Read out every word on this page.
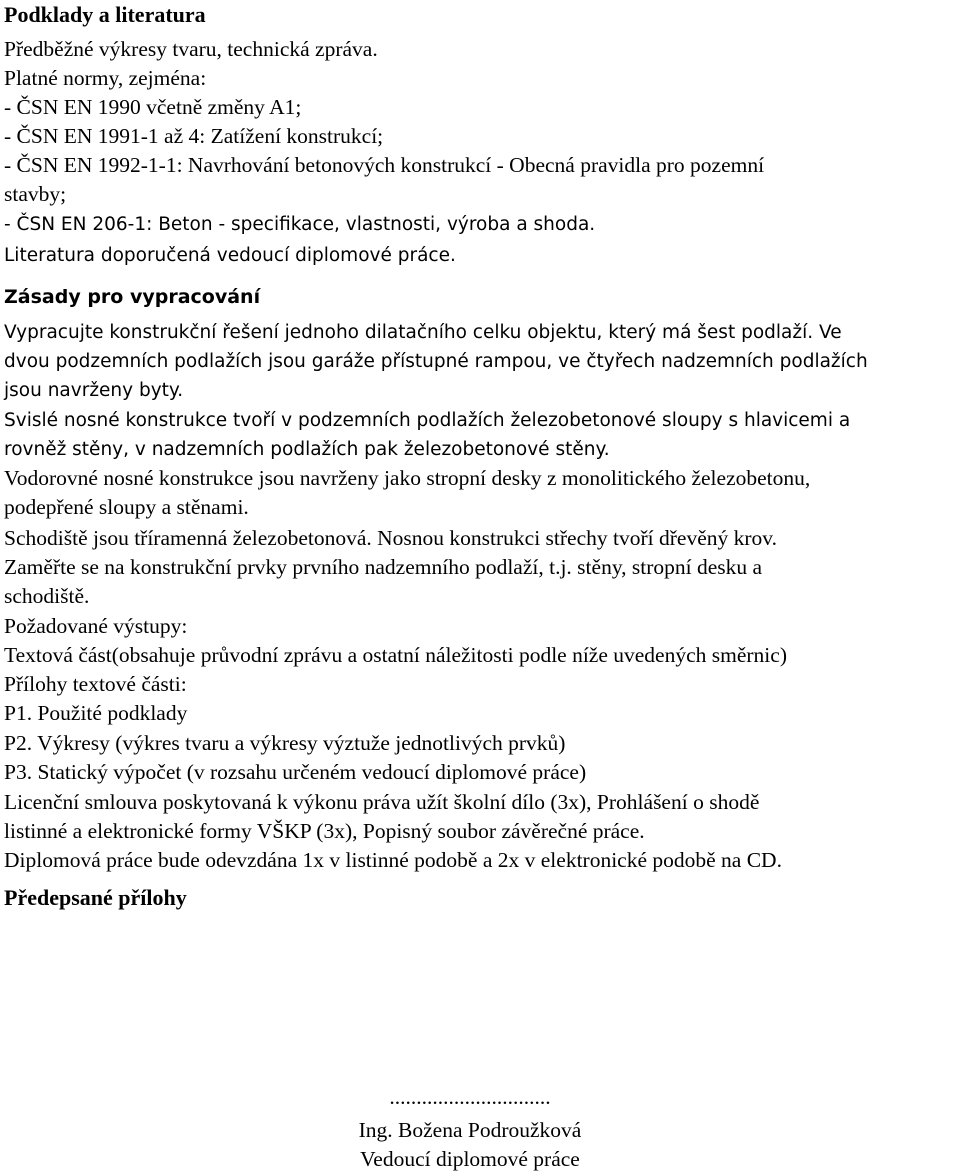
Podklady a literatura
Předběžné výkresy tvaru, technická zpráva.
Platné normy, zejména:
- ČSN EN 1990 včetně změny A1;
- ČSN EN 1991-1 až 4: Zatížení konstrukcí;
- ČSN EN 1992-1-1: Navrhování betonových konstrukcí - Obecná pravidla pro pozemní
stavby;
- ČSN EN 206-1: Beton - specifikace, vlastnosti, výroba a shoda.
Literatura doporučená vedoucí diplomové práce.
Zásady pro vypracování
Vypracujte konstrukční řešení jednoho dilatačního celku objektu, který má šest podlaží. Ve
dvou podzemních podlažích jsou garáže přístupné rampou, ve čtyřech nadzemních podlažích
jsou navrženy byty.
Svislé nosné konstrukce tvoří v podzemních podlažích železobetonové sloupy s hlavicemi a
rovněž stěny, v nadzemních podlažích pak železobetonové stěny.
Vodorovné nosné konstrukce jsou navrženy jako stropní desky z monolitického železobetonu,
podepřené sloupy a stěnami.
Schodiště jsou tříramenná železobetonová. Nosnou konstrukci střechy tvoří dřevěný krov.
Zaměřte se na konstrukční prvky prvního nadzemního podlaží, t.j. stěny, stropní desku a
schodiště.
Požadované výstupy:
Textová část(obsahuje průvodní zprávu a ostatní náležitosti podle níže uvedených směrnic)
Přílohy textové části:
P1. Použité podklady
P2. Výkresy (výkres tvaru a výkresy výztuže jednotlivých prvků)
P3. Statický výpočet (v rozsahu určeném vedoucí diplomové práce)
Licenční smlouva poskytovaná k výkonu práva užít školní dílo (3x), Prohlášení o shodě
listinné a elektronické formy VŠKP (3x), Popisný soubor závěrečné práce.
Diplomová práce bude odevzdána 1x v listinné podobě a 2x v elektronické podobě na CD.
Předepsané přílohy
..............................
Ing. Božena Podroužková
Vedoucí diplomové práce
